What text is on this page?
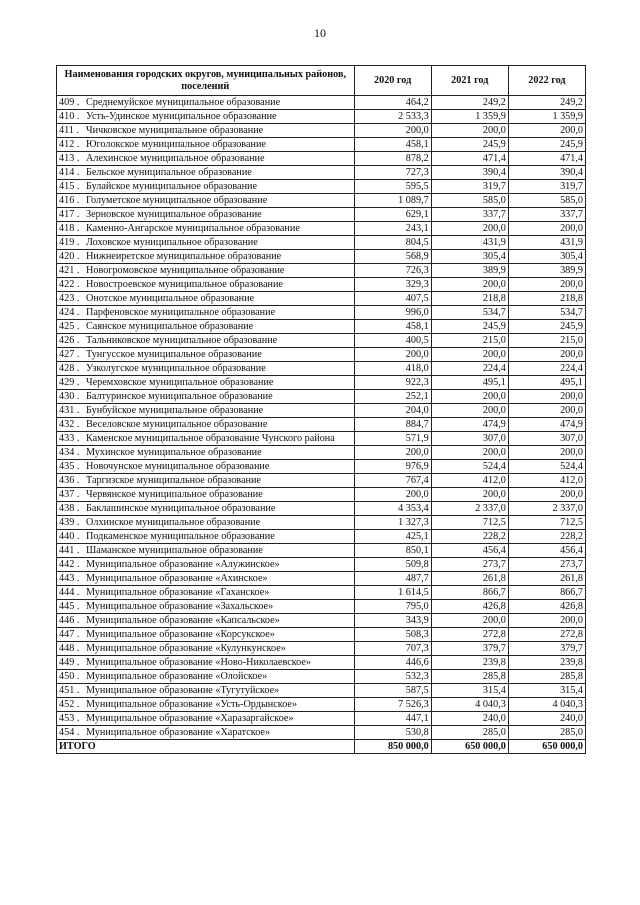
10
Наименования городских округов, муниципальных районов, поселений	2020 год	2021 год	2022 год
409 . Среднемуйское муниципальное образование	464,2	249,2	249,2
410 . Усть-Удинское муниципальное образование	2 533,3	1 359,9	1 359,9
411 . Чичковское муниципальное образование	200,0	200,0	200,0
412 . Юголокское муниципальное образование	458,1	245,9	245,9
413 . Алехинское муниципальное образование	878,2	471,4	471,4
414 . Бельское муниципальное образование	727,3	390,4	390,4
415 . Булайское муниципальное образование	595,5	319,7	319,7
416 . Голуметское муниципальное образование	1 089,7	585,0	585,0
417 . Зерновское муниципальное образование	629,1	337,7	337,7
418 . Каменно-Ангарское муниципальное образование	243,1	200,0	200,0
419 . Лоховское муниципальное образование	804,5	431,9	431,9
420 . Нижнеиретское муниципальное образование	568,9	305,4	305,4
421 . Новогромовское муниципальное образование	726,3	389,9	389,9
422 . Новостроевское муниципальное образование	329,3	200,0	200,0
423 . Онотское муниципальное образование	407,5	218,8	218,8
424 . Парфеновское муниципальное образование	996,0	534,7	534,7
425 . Саянское муниципальное образование	458,1	245,9	245,9
426 . Тальниковское муниципальное образование	400,5	215,0	215,0
427 . Тунгусское муниципальное образование	200,0	200,0	200,0
428 . Узколугское муниципальное образование	418,0	224,4	224,4
429 . Черемховское муниципальное образование	922,3	495,1	495,1
430 . Балтуринское муниципальное образование	252,1	200,0	200,0
431 . Бунбуйское муниципальное образование	204,0	200,0	200,0
432 . Веселовское муниципальное образование	884,7	474,9	474,9
433 . Каменское муниципальное образование Чунского района	571,9	307,0	307,0
434 . Мухинское муниципальное образование	200,0	200,0	200,0
435 . Новочунское муниципальное образование	976,9	524,4	524,4
436 . Таргизское муниципальное образование	767,4	412,0	412,0
437 . Червянское муниципальное образование	200,0	200,0	200,0
438 . Баклашинское муниципальное образование	4 353,4	2 337,0	2 337,0
439 . Олхинское муниципальное образование	1 327,3	712,5	712,5
440 . Подкаменское муниципальное образование	425,1	228,2	228,2
441 . Шаманское муниципальное образование	850,1	456,4	456,4
442 . Муниципальное образование «Алужинское»	509,8	273,7	273,7
443 . Муниципальное образование «Ахинское»	487,7	261,8	261,8
444 . Муниципальное образование «Гаханское»	1 614,5	866,7	866,7
445 . Муниципальное образование «Захальское»	795,0	426,8	426,8
446 . Муниципальное образование «Капсальское»	343,9	200,0	200,0
447 . Муниципальное образование «Корсукское»	508,3	272,8	272,8
448 . Муниципальное образование «Кулункунское»	707,3	379,7	379,7
449 . Муниципальное образование «Ново-Николаевское»	446,6	239,8	239,8
450 . Муниципальное образование «Олойское»	532,3	285,8	285,8
451 . Муниципальное образование «Тугутуйское»	587,5	315,4	315,4
452 . Муниципальное образование «Усть-Ордынское»	7 526,3	4 040,3	4 040,3
453 . Муниципальное образование «Харазаргайское»	447,1	240,0	240,0
454 . Муниципальное образование «Харатское»	530,8	285,0	285,0
ИТОГО	850 000,0	650 000,0	650 000,0
